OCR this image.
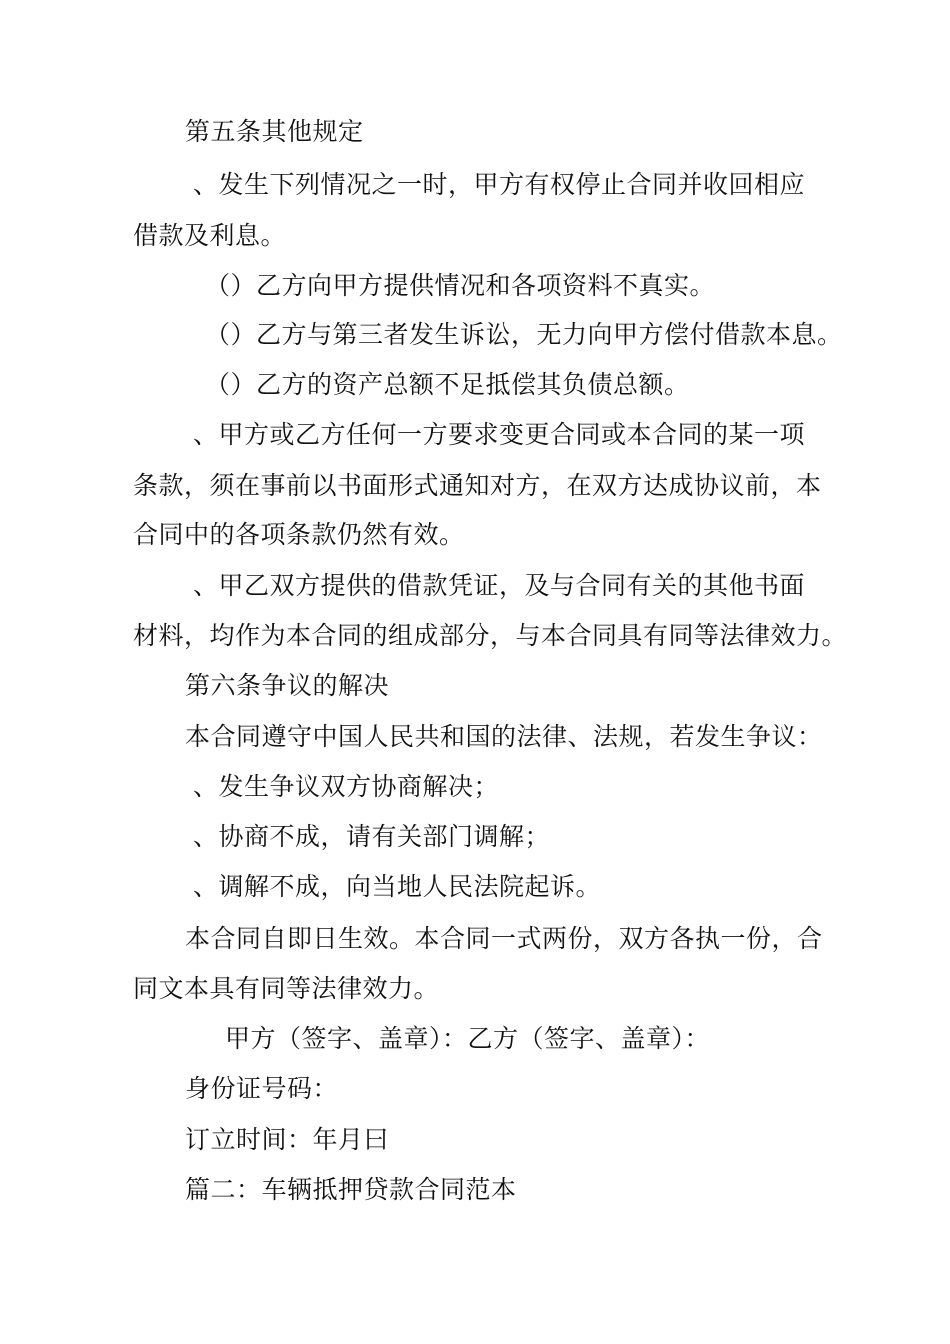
第五条其他规定
、发生下列情况之一时，甲方有权停止合同并收回相应
借款及利息。
（）乙方向甲方提供情况和各项资料不真实。
（）乙方与第三者发生诉讼，无力向甲方偿付借款本息。
（）乙方的资产总额不足抵偿其负债总额。
、甲方或乙方任何一方要求变更合同或本合同的某一项
条款，须在事前以书面形式通知对方，在双方达成协议前，本
合同中的各项条款仍然有效。
、甲乙双方提供的借款凭证，及与合同有关的其他书面
材料，均作为本合同的组成部分，与本合同具有同等法律效力。
第六条争议的解决
本合同遵守中国人民共和国的法律、法规，若发生争议：
、发生争议双方协商解决；
、协商不成，请有关部门调解；
、调解不成，向当地人民法院起诉。
本合同自即日生效。本合同一式两份，双方各执一份，合
同文本具有同等法律效力。
甲方（签字、盖章）：乙方（签字、盖章）：
身份证号码：
订立时间：年月曰
篇二：车辆抵押贷款合同范本
